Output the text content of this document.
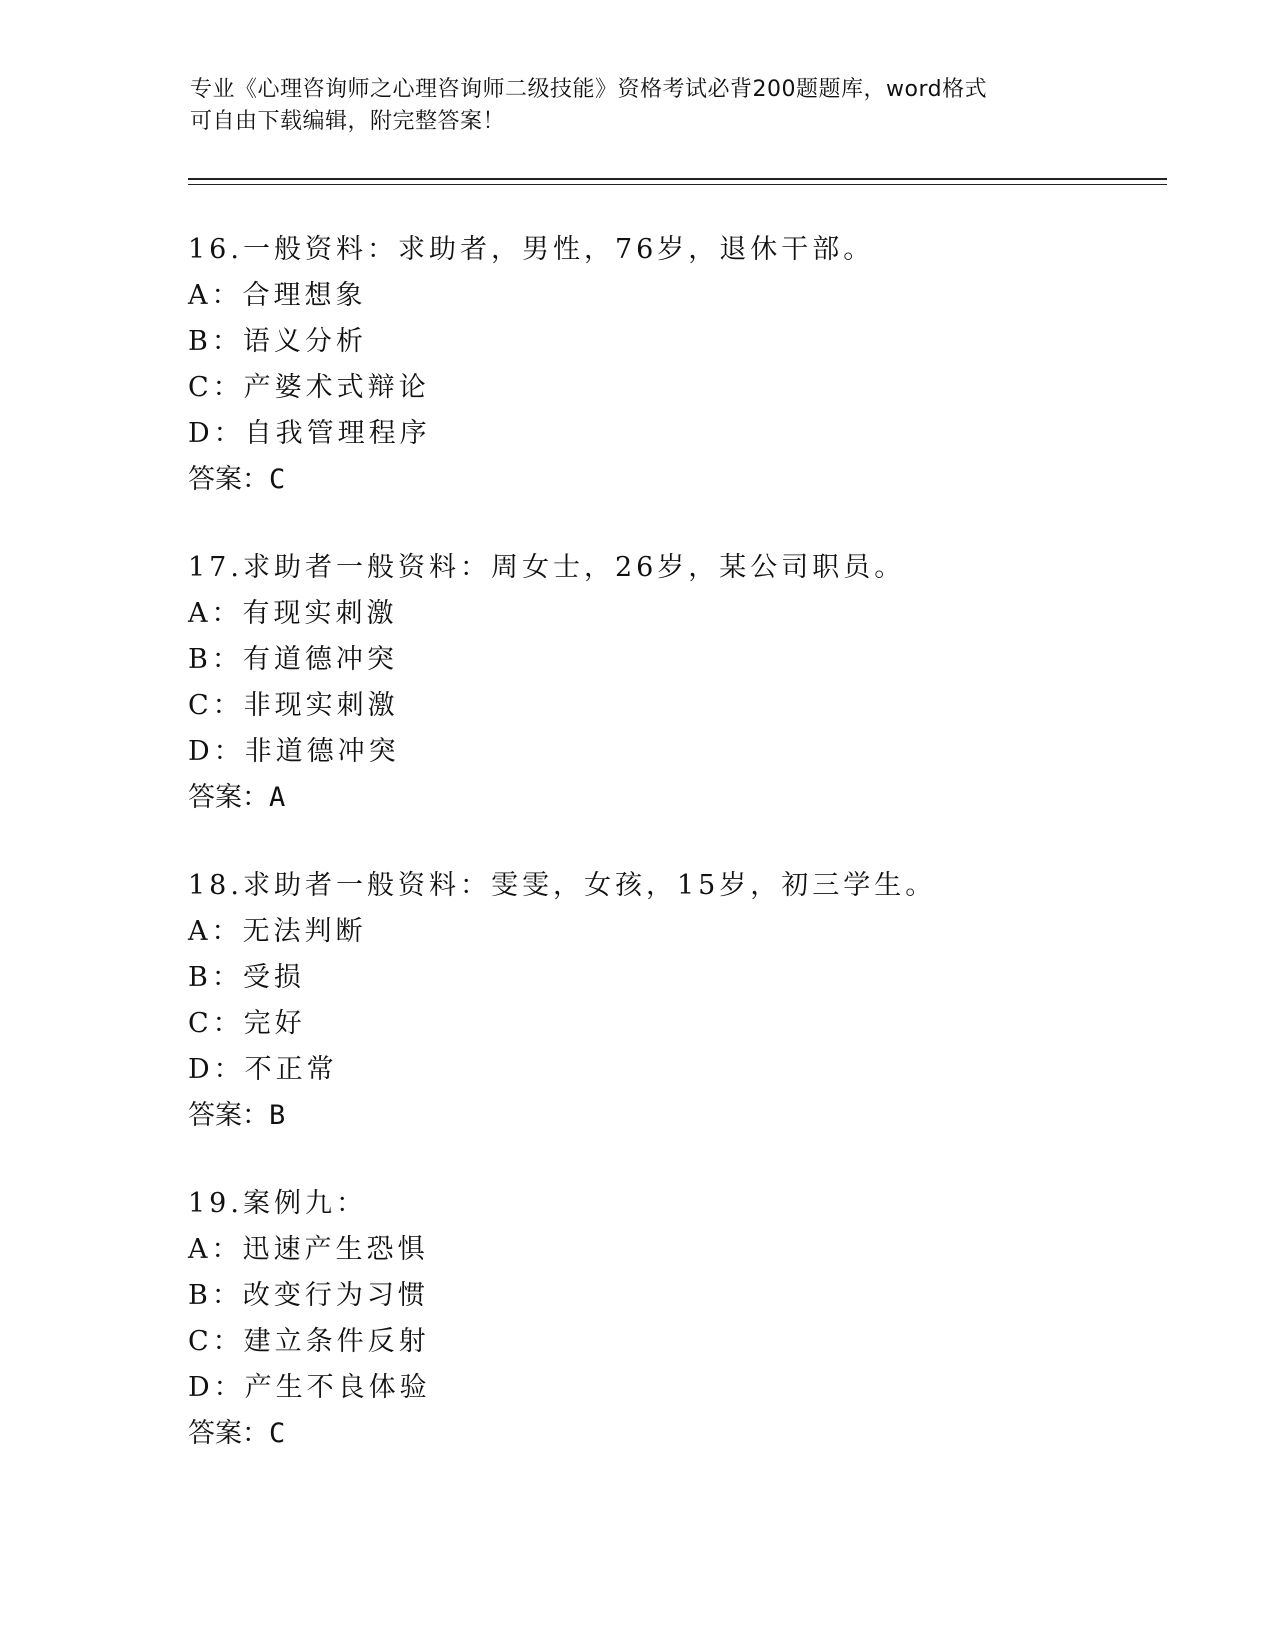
专业《心理咨询师之心理咨询师二级技能》资格考试必背200题题库，word格式
可自由下载编辑，附完整答案！
16.一般资料：求助者，男性，76岁，退休干部。
A：合理想象
B：语义分析
C：产婆术式辩论
D：自我管理程序
答案：C
17.求助者一般资料：周女士，26岁，某公司职员。
A：有现实刺激
B：有道德冲突
C：非现实刺激
D：非道德冲突
答案：A
18.求助者一般资料：雯雯，女孩，15岁，初三学生。
A：无法判断
B：受损
C：完好
D：不正常
答案：B
19.案例九：
A：迅速产生恐惧
B：改变行为习惯
C：建立条件反射
D：产生不良体验
答案：C
